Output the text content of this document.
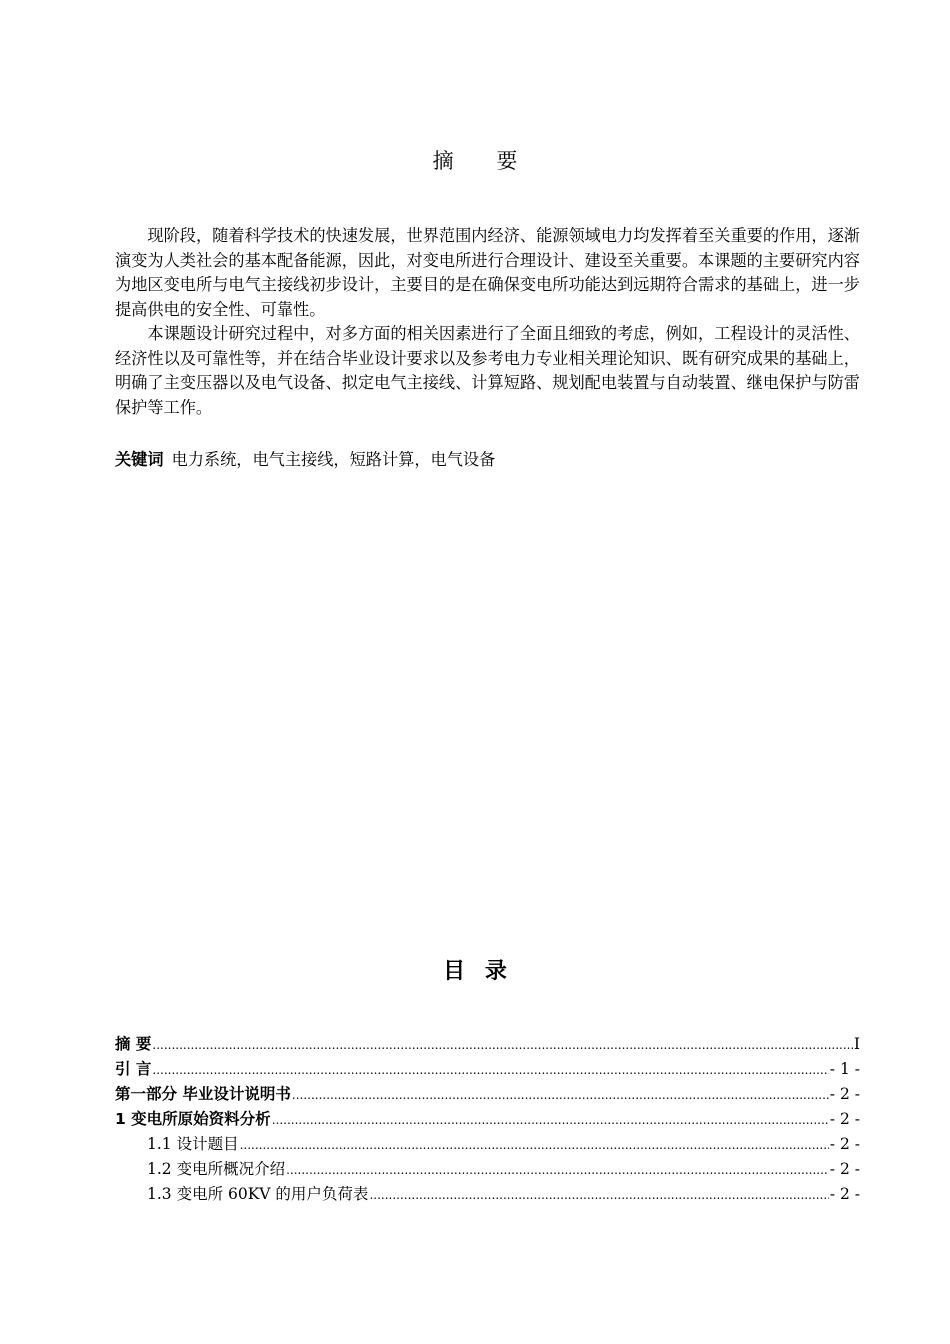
摘 要

现阶段，随着科学技术的快速发展，世界范围内经济、能源领域电力均发挥着至关重要的作用，逐渐演变为人类社会的基本配备能源，因此，对变电所进行合理设计、建设至关重要。本课题的主要研究内容为地区变电所与电气主接线初步设计，主要目的是在确保变电所功能达到远期符合需求的基础上，进一步提高供电的安全性、可靠性。

本课题设计研究过程中，对多方面的相关因素进行了全面且细致的考虑，例如，工程设计的灵活性、经济性以及可靠性等，并在结合毕业设计要求以及参考电力专业相关理论知识、既有研究成果的基础上，明确了主变压器以及电气设备、拟定电气主接线、计算短路、规划配电装置与自动装置、继电保护与防雷保护等工作。

关键词 电力系统，电气主接线，短路计算，电气设备
目 录
摘 要 .....	I
引 言 .....	- 1 -
第一部分 毕业设计说明书 .....	- 2 -
1 变电所原始资料分析 .....	- 2 -
1.1 设计题目 .....	- 2 -
1.2 变电所概况介绍 .....	- 2 -
1.3 变电所 60KV 的用户负荷表 .....	- 2 -
